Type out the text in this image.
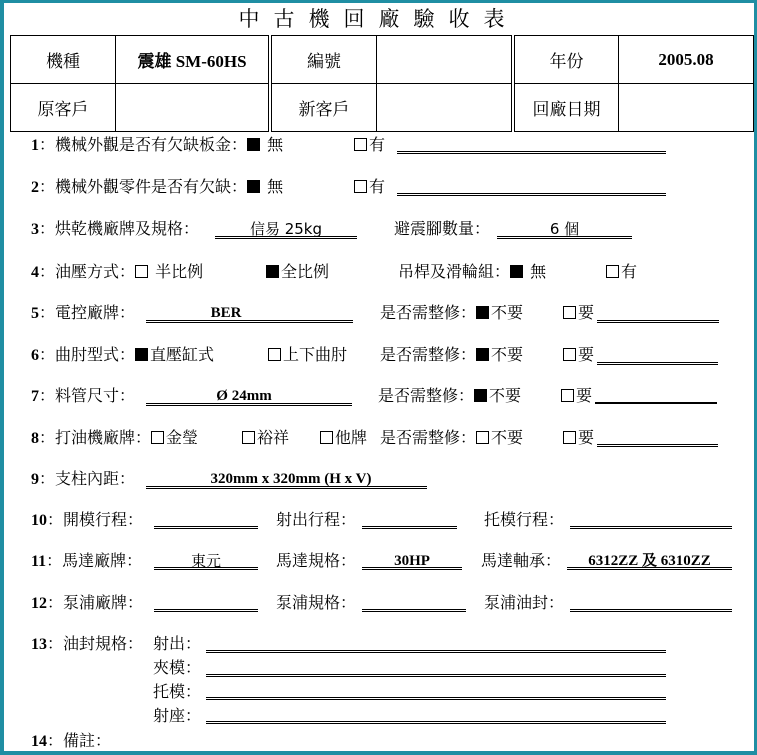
中古機回廠驗收表
機種	震雄 SM-60HS	編號		年份	2005.08
原客戶		新客戶		回廠日期	
1：機械外觀是否有欠缺板金： 無	有
2：機械外觀零件是否有欠缺： 無	有
3：烘乾機廠牌及規格：	信易 25kg	避震腳數量：	6 個
4：油壓方式： 半比例	全比例	吊桿及滑輪組： 無	有
5：電控廠牌：	BER	是否需整修： 不要	要
6：曲肘型式： 直壓缸式	上下曲肘 是否需整修： 不要	要
7：料管尺寸：	Ø 24mm	是否需整修： 不要	要
8：打油機廠牌： 金瑩	裕祥	他牌 是否需整修： 不要	要
9：支柱內距：	320mm x 320mm (H x V)
10：開模行程：	射出行程：	托模行程：
11：馬達廠牌：	東元	馬達規格：	30HP	馬達軸承：	6312ZZ 及 6310ZZ
12：泵浦廠牌：	泵浦規格：	泵浦油封：
13：油封規格： 射出：
夾模：
托模：
射座：
14：備註：
